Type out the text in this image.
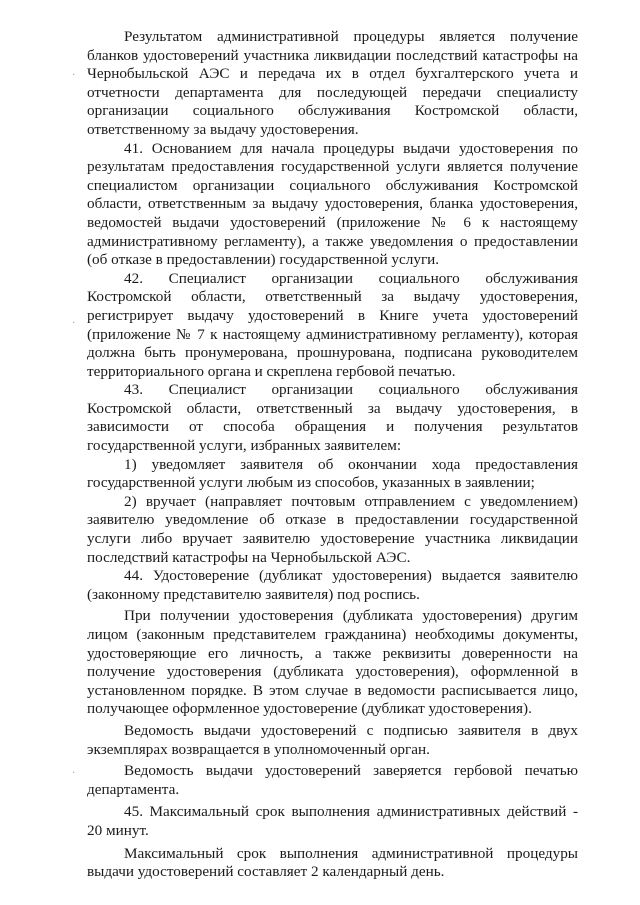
Результатом административной процедуры является получение бланков удостоверений участника ликвидации последствий катастрофы на Чернобыльской АЭС и передача их в отдел бухгалтерского учета и отчетности департамента для последующей передачи специалисту организации социального обслуживания Костромской области, ответственному за выдачу удостоверения.

41. Основанием для начала процедуры выдачи удостоверения по результатам предоставления государственной услуги является получение специалистом организации социального обслуживания Костромской области, ответственным за выдачу удостоверения, бланка удостоверения, ведомостей выдачи удостоверений (приложение № 6 к настоящему административному регламенту), а также уведомления о предоставлении (об отказе в предоставлении) государственной услуги.

42. Специалист организации социального обслуживания Костромской области, ответственный за выдачу удостоверения, регистрирует выдачу удостоверений в Книге учета удостоверений (приложение № 7 к настоящему административному регламенту), которая должна быть пронумерована, прошнурована, подписана руководителем территориального органа и скреплена гербовой печатью.

43. Специалист организации социального обслуживания Костромской области, ответственный за выдачу удостоверения, в зависимости от способа обращения и получения результатов государственной услуги, избранных заявителем:

1) уведомляет заявителя об окончании хода предоставления государственной услуги любым из способов, указанных в заявлении;

2) вручает (направляет почтовым отправлением с уведомлением) заявителю уведомление об отказе в предоставлении государственной услуги либо вручает заявителю удостоверение участника ликвидации последствий катастрофы на Чернобыльской АЭС.

44. Удостоверение (дубликат удостоверения) выдается заявителю (законному представителю заявителя) под роспись.

При получении удостоверения (дубликата удостоверения) другим лицом (законным представителем гражданина) необходимы документы, удостоверяющие его личность, а также реквизиты доверенности на получение удостоверения (дубликата удостоверения), оформленной в установленном порядке. В этом случае в ведомости расписывается лицо, получающее оформленное удостоверение (дубликат удостоверения).

Ведомость выдачи удостоверений с подписью заявителя в двух экземплярах возвращается в уполномоченный орган.

Ведомость выдачи удостоверений заверяется гербовой печатью департамента.

45. Максимальный срок выполнения административных действий - 20 минут.

Максимальный срок выполнения административной процедуры выдачи удостоверений составляет 2 календарный день.

·
·
·
